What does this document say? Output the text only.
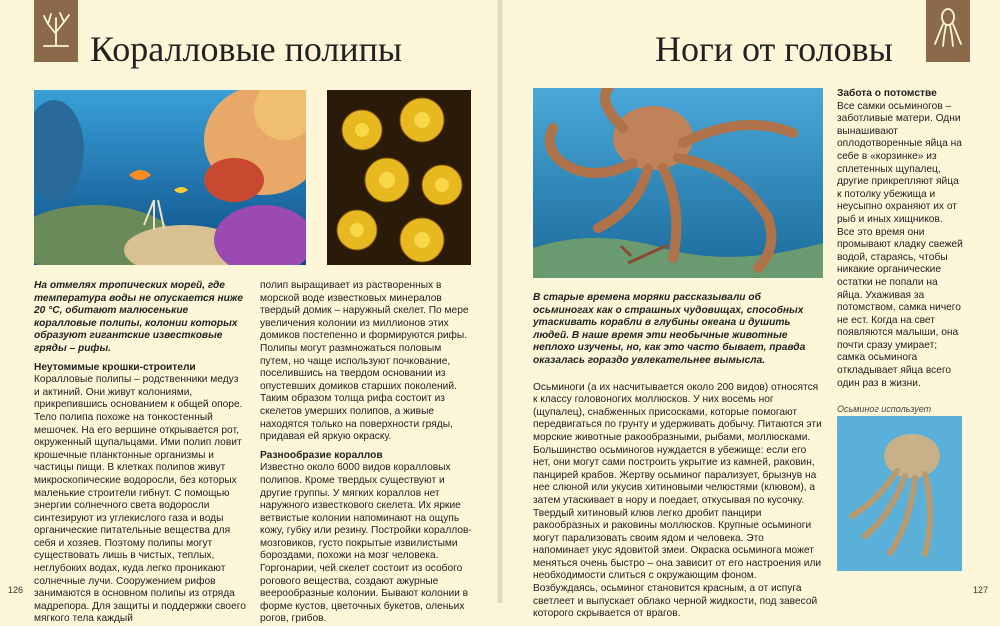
Коралловые полипы

На отмелях тропических морей, где температура воды не опускается ниже 20 °С, обитают малюсенькие коралловые полипы, колонии которых образуют гигантские известковые гряды – рифы.

Неутомимые крошки-строители

Коралловые полипы – родственники медуз и актиний. Они живут колониями, прикрепившись основанием к общей опоре. Тело полипа похоже на тонкостенный мешочек. На его вершине открывается рот, окруженный щупальцами. Ими полип ловит крошечные планктонные организмы и частицы пищи. В клетках полипов живут микроскопические водоросли, без которых маленькие строители гибнут. С помощью энергии солнечного света водоросли синтезируют из углекислого газа и воды органические питательные вещества для себя и хозяев. Поэтому полипы могут существовать лишь в чистых, теплых, неглубоких водах, куда легко проникают солнечные лучи. Сооружением рифов занимаются в основном полипы из отряда мадрепора. Для защиты и поддержки своего мягкого тела каждый

полип выращивает из растворенных в морской воде известковых минералов твердый домик – наружный скелет. По мере увеличения колонии из миллионов этих домиков постепенно и формируются рифы. Полипы могут размножаться половым путем, но чаще используют почкование, поселившись на твердом основании из опустевших домиков старших поколений. Таким образом толща рифа состоит из скелетов умерших полипов, а живые находятся только на поверхности гряды, придавая ей яркую окраску.

Разнообразие кораллов

Известно около 6000 видов коралловых полипов. Кроме твердых существуют и другие группы. У мягких кораллов нет наружного известкового скелета. Их яркие ветвистые колонии напоминают на ощупь кожу, губку или резину. Постройки кораллов-мозговиков, густо покрытые извилистыми бороздами, похожи на мозг человека. Горгонарии, чей скелет состоит из особого рогового вещества, создают ажурные веерообразные колонии. Бывают колонии в форме кустов, цветочных букетов, оленьих рогов, грибов.

126
Ноги от головы

В старые времена моряки рассказывали об осьминогах как о страшных чудовищах, способных утаскивать корабли в глубины океана и душить людей. В наше время эти необычные животные неплохо изучены, но, как это часто бывает, правда оказалась гораздо увлекательнее вымысла.

Осьминоги (а их насчитывается около 200 видов) относятся к классу головоногих моллюсков. У них восемь ног (щупалец), снабженных присосками, которые помогают передвигаться по грунту и удерживать добычу. Питаются эти морские животные ракообразными, рыбами, моллюсками. Большинство осьминогов нуждается в убежище: если его нет, они могут сами построить укрытие из камней, раковин, панцирей крабов. Жертву осьминог парализует, брызнув на нее слюной или укусив хитиновыми челюстями (клювом), а затем утаскивает в нору и поедает, откусывая по кусочку. Твердый хитиновый клюв легко дробит панцири ракообразных и раковины моллюсков. Крупные осьминоги могут парализовать своим ядом и человека. Это напоминает укус ядовитой змеи. Окраска осьминога может меняться очень быстро – она зависит от его настроения или необходимости слиться с окружающим фоном. Возбуждаясь, осьминог становится красным, а от испуга светлеет и выпускает облако черной жидкости, под завесой которого скрывается от врагов.

Забота о потомстве

Все самки осьминогов – заботливые матери. Одни вынашивают оплодотворенные яйца на себе в «корзинке» из сплетенных щупалец, другие прикрепляют яйца к потолку убежища и неусыпно охраняют их от рыб и иных хищников. Все это время они промывают кладку свежей водой, стараясь, чтобы никакие органические остатки не попали на яйца. Ухаживая за потомством, самка ничего не ест. Когда на свет появляются малыши, она почти сразу умирает; самка осьминога откладывает яйца всего один раз в жизни.

Осьминог использует

127
